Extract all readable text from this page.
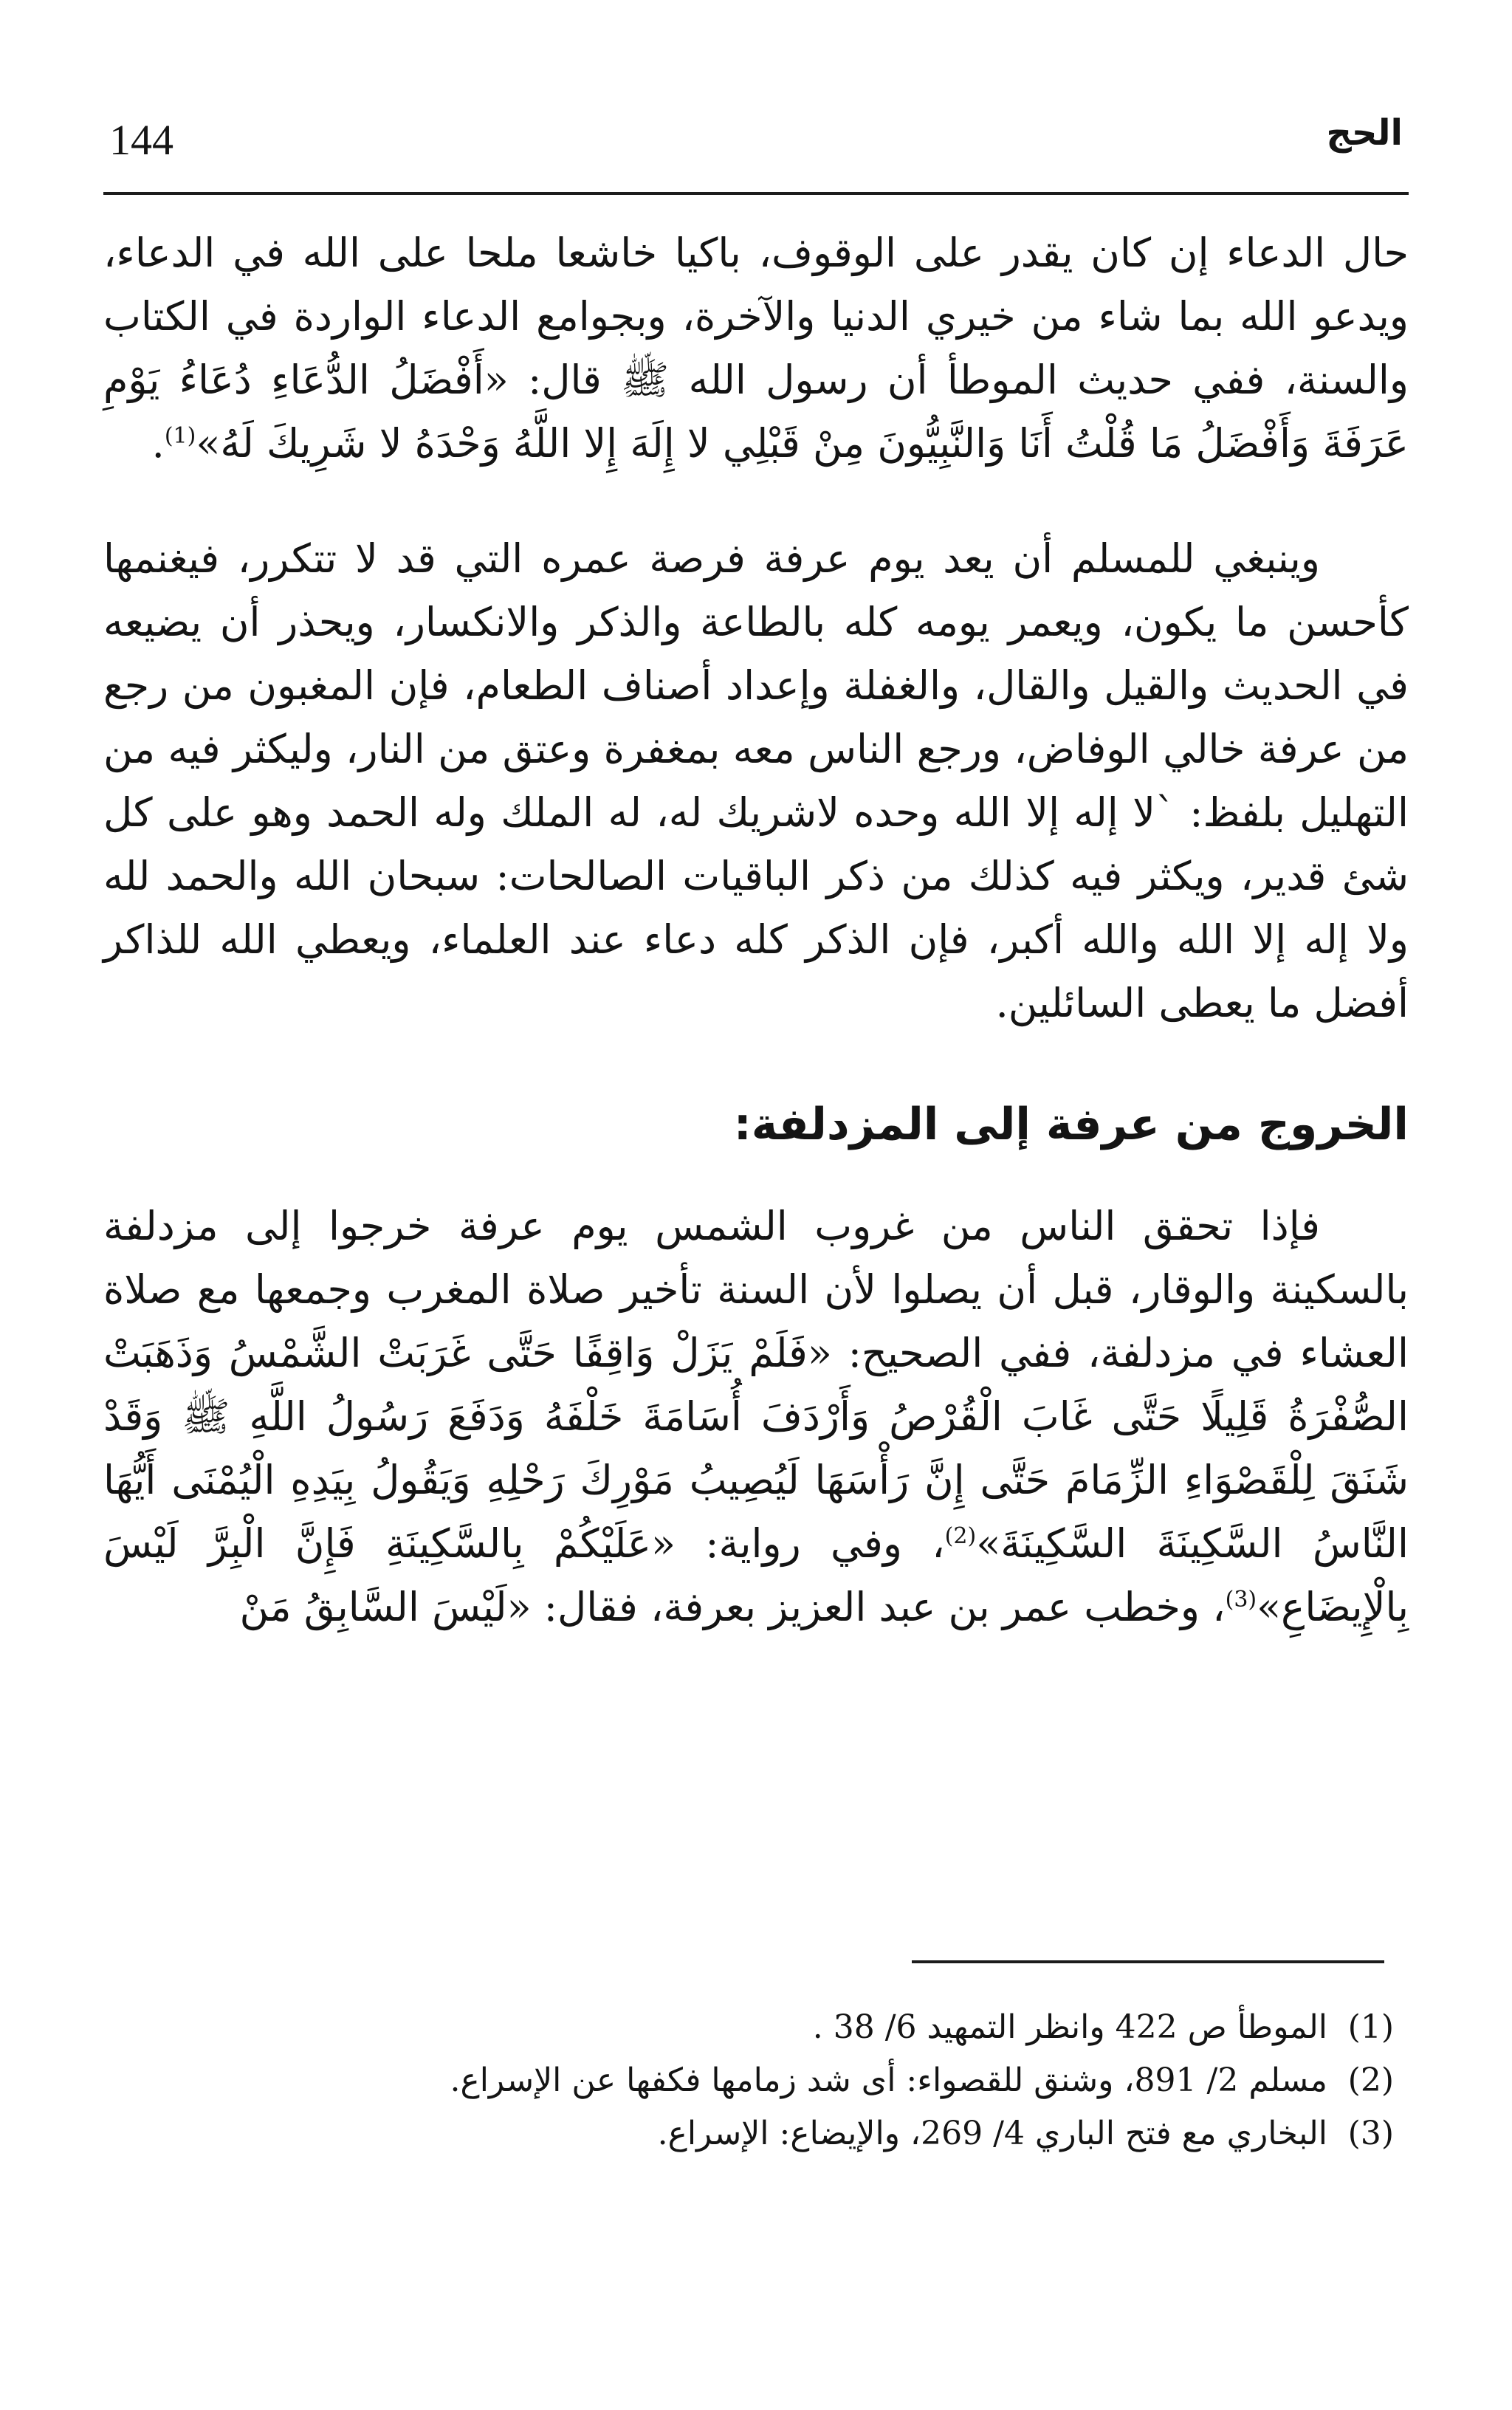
144	الحج

حال الدعاء إن كان يقدر على الوقوف، باكيا خاشعا ملحا على الله في الدعاء، ويدعو الله بما شاء من خيري الدنيا والآخرة، وبجوامع الدعاء الواردة في الكتاب والسنة، ففي حديث الموطأ أن رسول الله ﷺ قال: «أَفْضَلُ الدُّعَاءِ دُعَاءُ يَوْمِ عَرَفَةَ وَأَفْضَلُ مَا قُلْتُ أَنَا وَالنَّبِيُّونَ مِنْ قَبْلِي لا إِلَهَ إِلا اللَّهُ وَحْدَهُ لا شَرِيكَ لَهُ»$^{(1)}$.

وينبغي للمسلم أن يعد يوم عرفة فرصة عمره التي قد لا تتكرر، فيغنمها كأحسن ما يكون، ويعمر يومه كله بالطاعة والذكر والانكسار، ويحذر أن يضيعه في الحديث والقيل والقال، والغفلة وإعداد أصناف الطعام، فإن المغبون من رجع من عرفة خالي الوفاض، ورجع الناس معه بمغفرة وعتق من النار، وليكثر فيه من التهليل بلفظ: `لا إله إلا الله وحده لاشريك له، له الملك وله الحمد وهو على كل شئ قدير، ويكثر فيه كذلك من ذكر الباقيات الصالحات: سبحان الله والحمد لله ولا إله إلا الله والله أكبر، فإن الذكر كله دعاء عند العلماء، ويعطي الله للذاكر أفضل ما يعطى السائلين.

الخروج من عرفة إلى المزدلفة:

فإذا تحقق الناس من غروب الشمس يوم عرفة خرجوا إلى مزدلفة بالسكينة والوقار، قبل أن يصلوا لأن السنة تأخير صلاة المغرب وجمعها مع صلاة العشاء في مزدلفة، ففي الصحيح: «فَلَمْ يَزَلْ وَاقِفًا حَتَّى غَرَبَتْ الشَّمْسُ وَذَهَبَتْ الصُّفْرَةُ قَلِيلًا حَتَّى غَابَ الْقُرْصُ وَأَرْدَفَ أُسَامَةَ خَلْفَهُ وَدَفَعَ رَسُولُ اللَّهِ ﷺ وَقَدْ شَنَقَ لِلْقَصْوَاءِ الزِّمَامَ حَتَّى إِنَّ رَأْسَهَا لَيُصِيبُ مَوْرِكَ رَحْلِهِ وَيَقُولُ بِيَدِهِ الْيُمْنَى أَيُّهَا النَّاسُ السَّكِينَةَ السَّكِينَةَ»$^{(2)}$، وفي رواية: «عَلَيْكُمْ بِالسَّكِينَةِ فَإِنَّ الْبِرَّ لَيْسَ بِالْإِيضَاعِ»$^{(3)}$، وخطب عمر بن عبد العزيز بعرفة، فقال: «لَيْسَ السَّابِقُ مَنْ

(1)
الموطأ ص 422 وانظر التمهيد 6/ 38 .
(2)
مسلم 2/ 891، وشنق للقصواء: أى شد زمامها فكفها عن الإسراع.
(3)
البخاري مع فتح الباري 4/ 269، والإيضاع: الإسراع.
